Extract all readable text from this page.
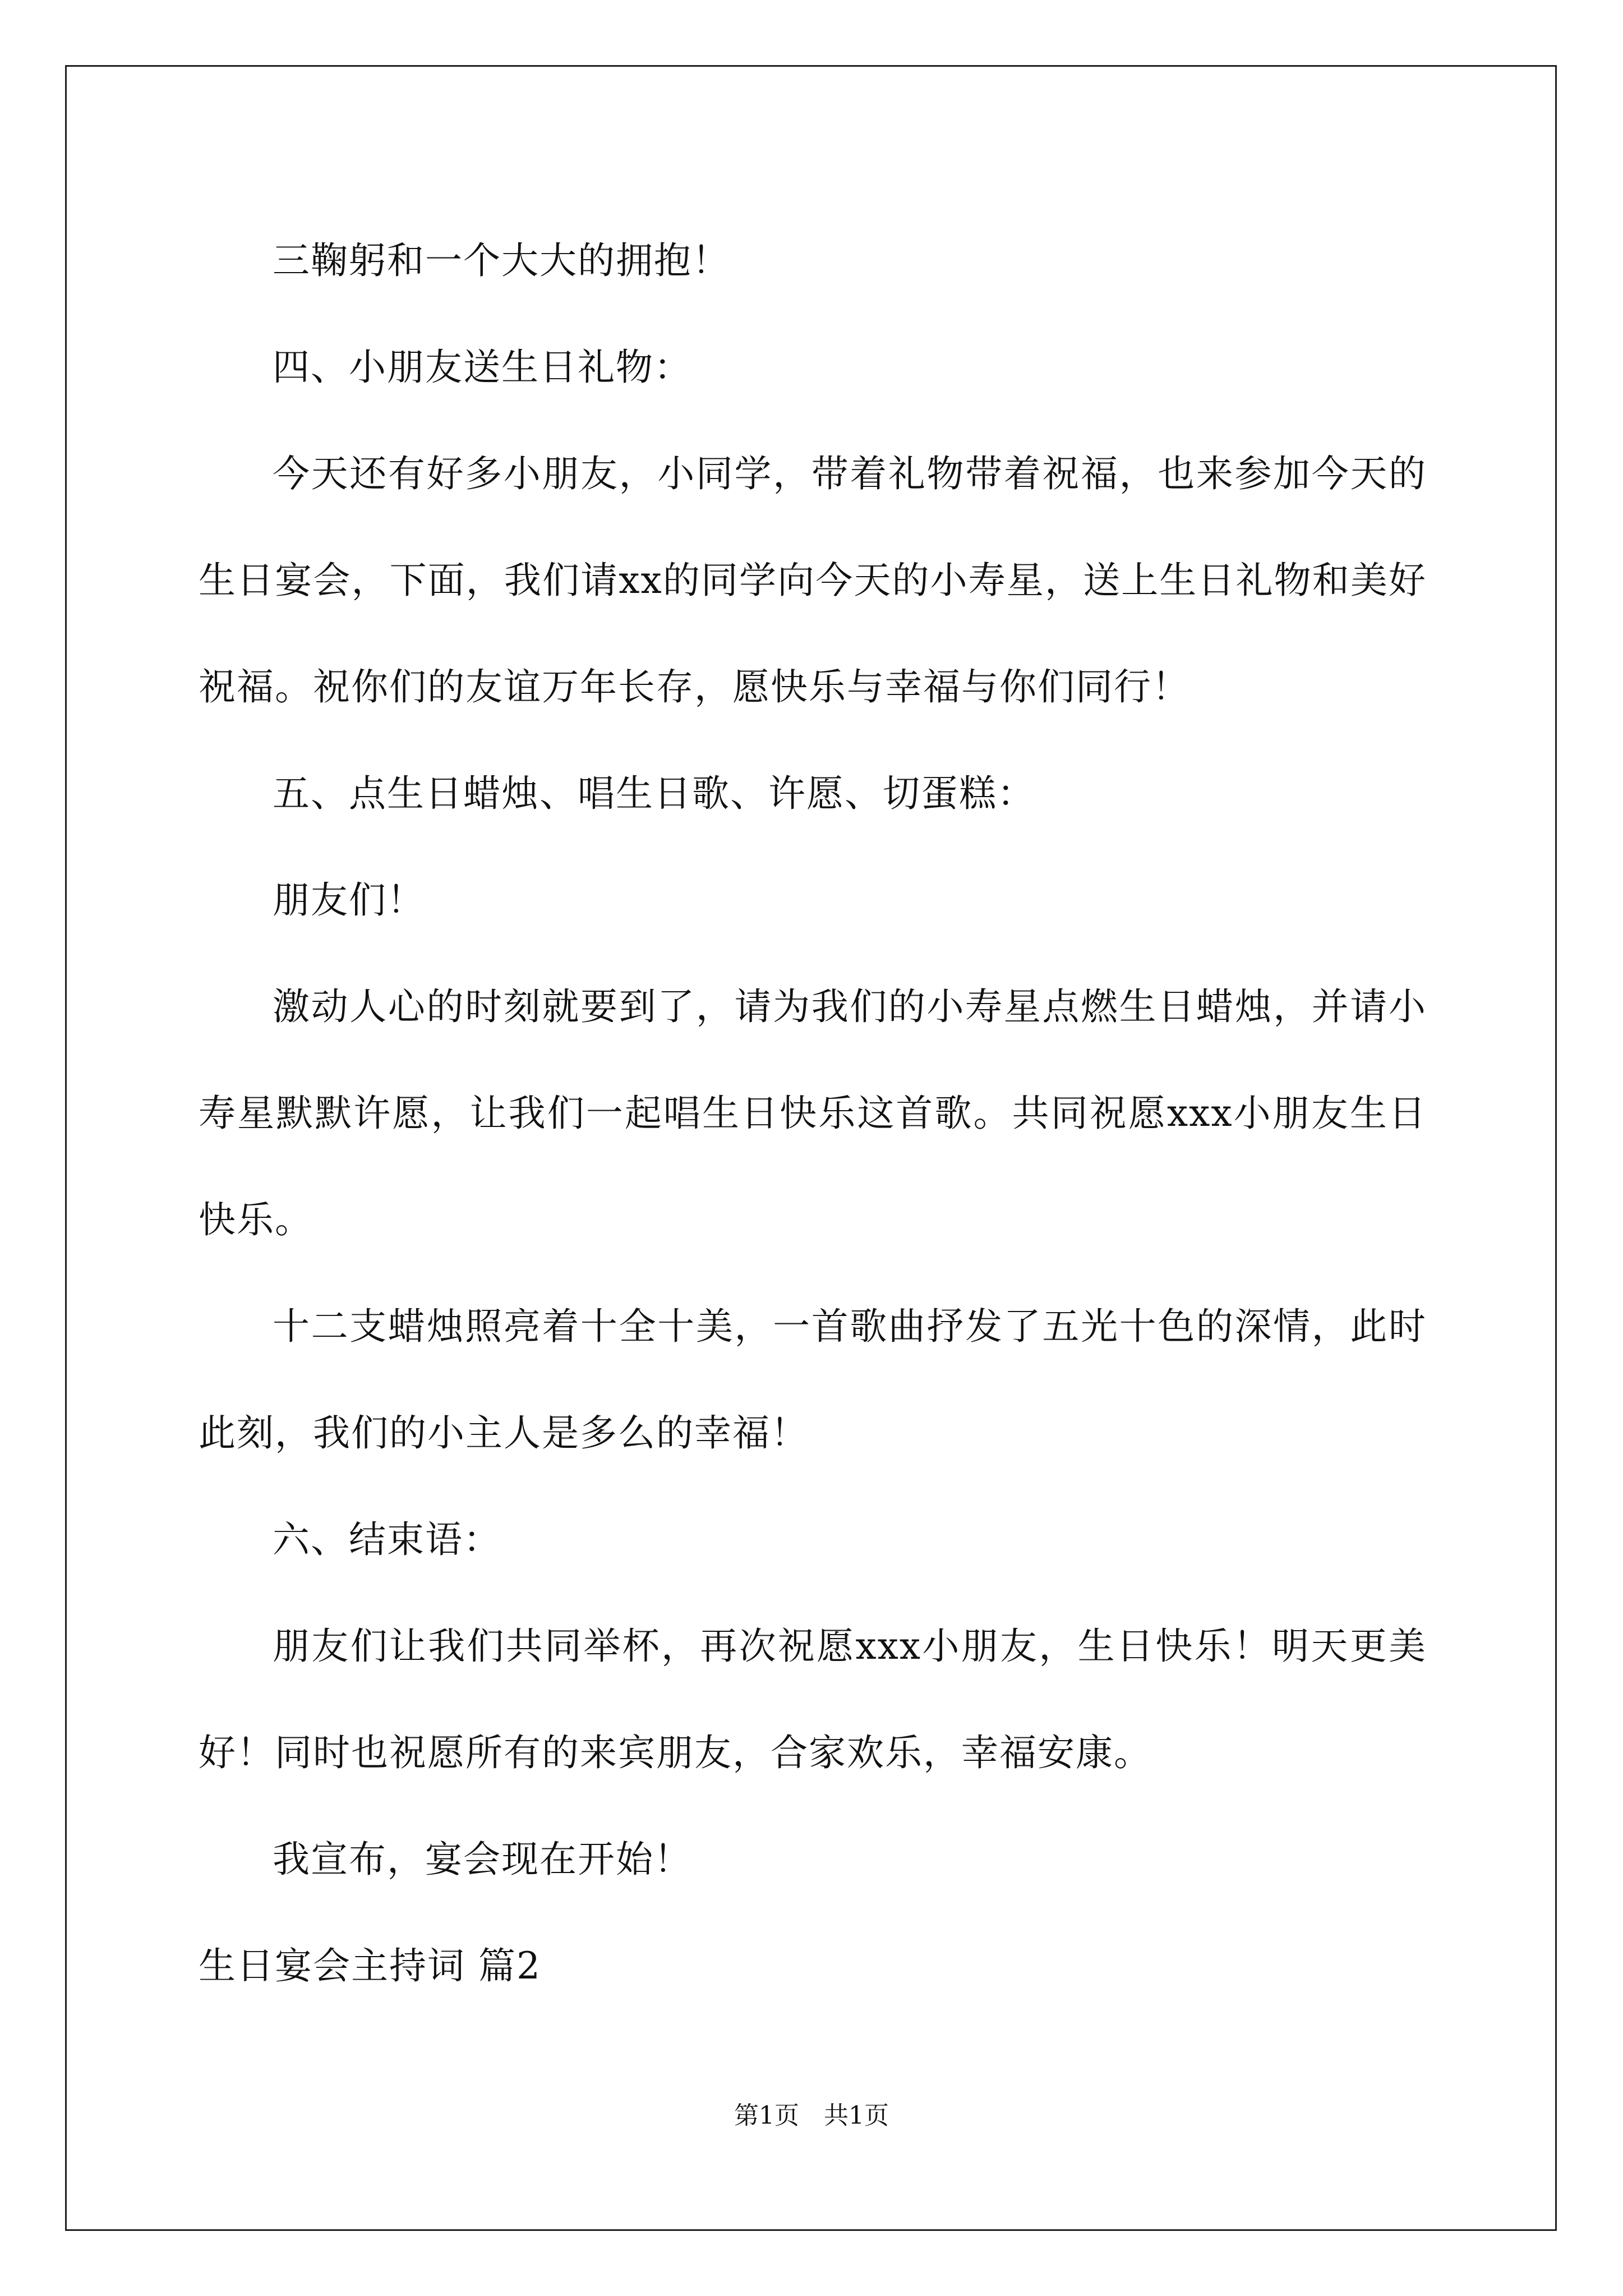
三鞠躬和一个大大的拥抱！

四、小朋友送生日礼物：

今天还有好多小朋友，小同学，带着礼物带着祝福，也来参加今天的生日宴会，下面，我们请xx的同学向今天的小寿星，送上生日礼物和美好祝福。祝你们的友谊万年长存，愿快乐与幸福与你们同行！

五、点生日蜡烛、唱生日歌、许愿、切蛋糕：

朋友们！

激动人心的时刻就要到了，请为我们的小寿星点燃生日蜡烛，并请小寿星默默许愿，让我们一起唱生日快乐这首歌。共同祝愿xxx小朋友生日快乐。

十二支蜡烛照亮着十全十美，一首歌曲抒发了五光十色的深情，此时此刻，我们的小主人是多么的幸福！

六、结束语：

朋友们让我们共同举杯，再次祝愿xxx小朋友，生日快乐！明天更美好！同时也祝愿所有的来宾朋友，合家欢乐，幸福安康。

我宣布，宴会现在开始！

生日宴会主持词 篇2

第1页　共1页
